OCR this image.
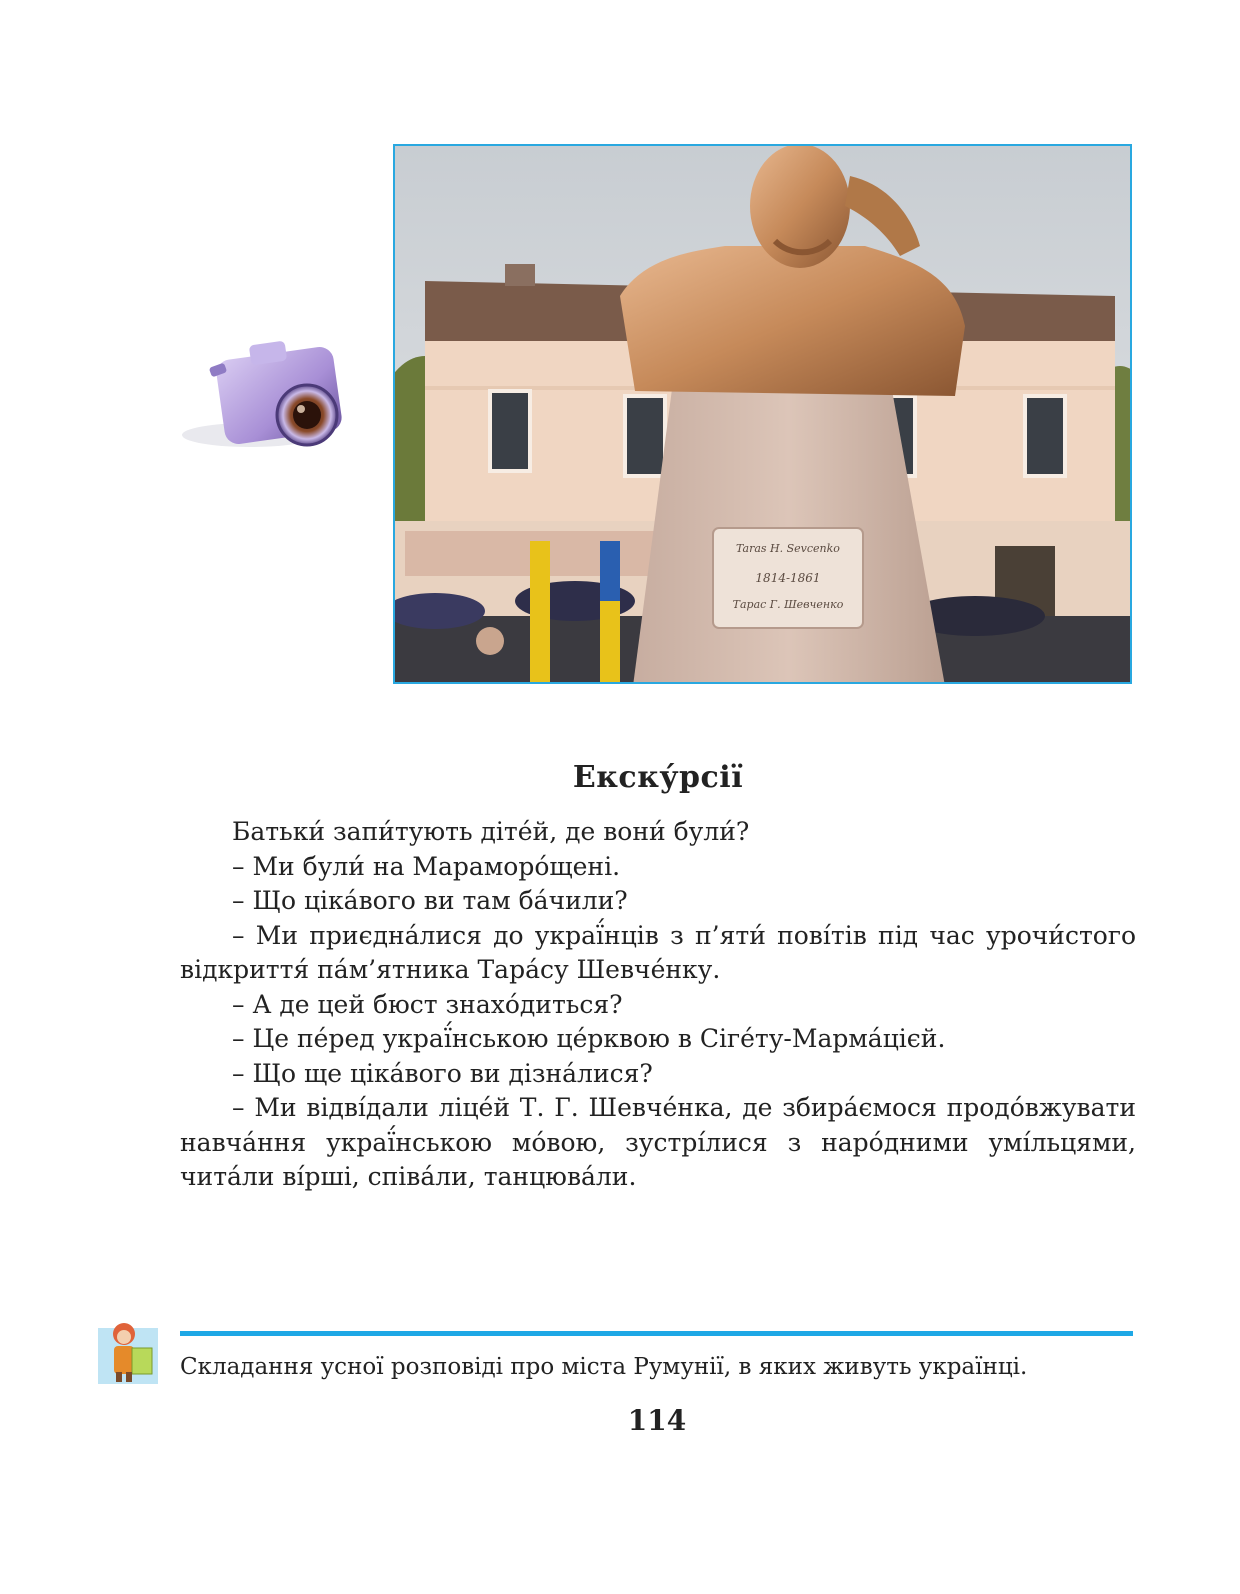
Taras H. Sevcenko
1814-1861
Тарас Г. Шевченко
Екску́рсії

Батьки́ запи́тують діте́й, де вони́ були́?

– Ми були́ на Мараморо́щені.

– Що ціка́вого ви там ба́чили?

– Ми приєдна́лися до украї́нців з п’яти́ пові́тів під час урочи́стого відкриття́ па́м’ятника Тара́су Шевче́нку.

– А де цей бюст знахо́диться?

– Це пе́ред украї́нською це́рквою в Сіге́ту-Марма́цієй.

– Що ще ціка́вого ви дізна́лися?

– Ми відві́дали ліце́й Т. Г. Шевче́нка, де збира́ємося продо́вжувати навча́ння украї́нською мо́вою, зустрі́лися з наро́дними умі́льцями, чита́ли ві́рші, співа́ли, танцюва́ли.

Складання усної розповіді про міста Румунії, в яких живуть українці.
114
